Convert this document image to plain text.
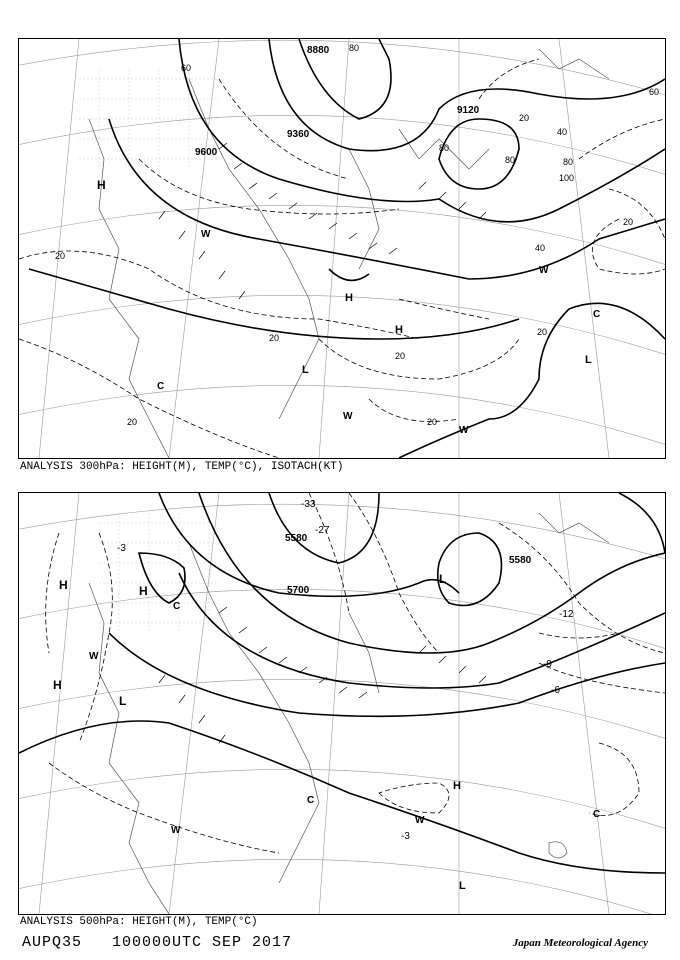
8880
9120
9360
9600
20
20
20
20	20
20
20
20
40
40
60
60
80
80
80	80
100
H
H
H
L
L
C
C
W
W
W
W
ANALYSIS 300hPa: HEIGHT(M), TEMP(°C), ISOTACH(KT)
5580
5700
5580
-33
-27
-12
-9
-6
-3
-3
H	H
H
H
L
L
L
C
C
C
W
W
W
ANALYSIS 500hPa: HEIGHT(M), TEMP(°C)
AUPQ35 100000UTC SEP 2017	Japan Meteorological Agency
